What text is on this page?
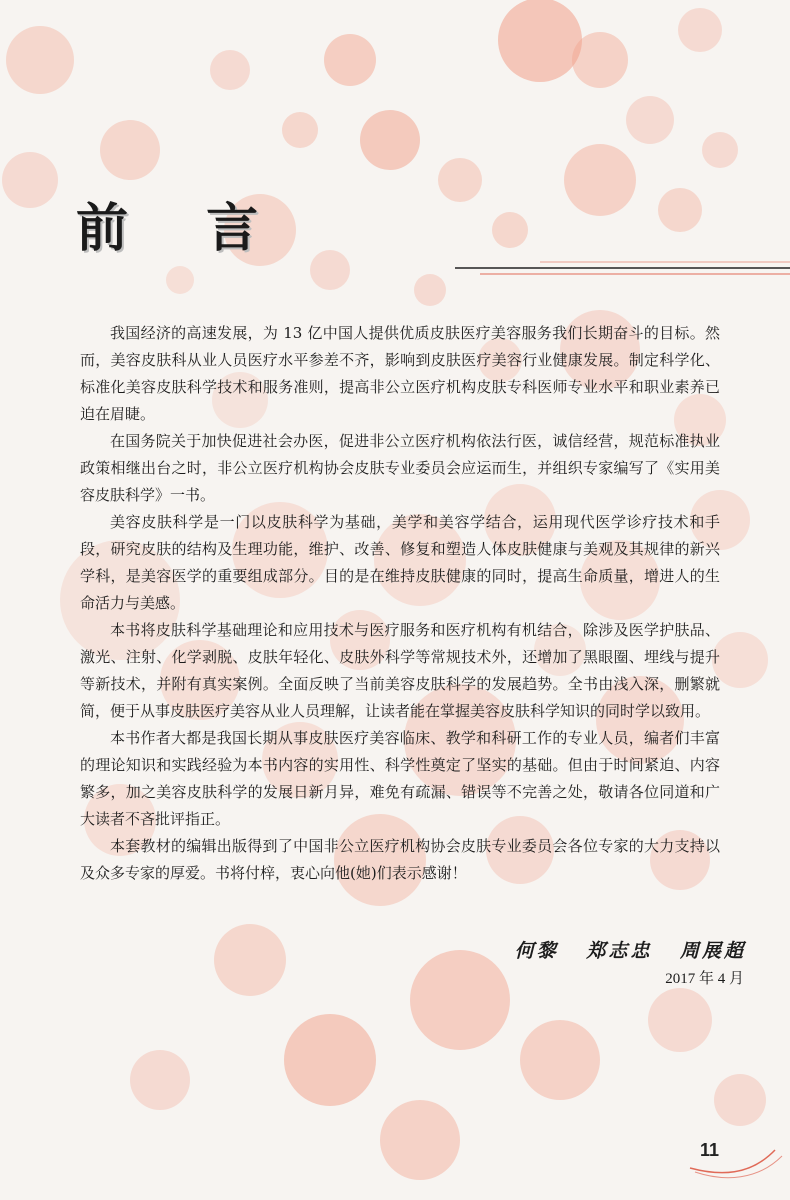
前 言

我国经济的高速发展，为 13 亿中国人提供优质皮肤医疗美容服务我们长期奋斗的目标。然而，美容皮肤科从业人员医疗水平参差不齐，影响到皮肤医疗美容行业健康发展。制定科学化、标准化美容皮肤科学技术和服务准则，提高非公立医疗机构皮肤专科医师专业水平和职业素养已迫在眉睫。

在国务院关于加快促进社会办医，促进非公立医疗机构依法行医，诚信经营，规范标准执业政策相继出台之时，非公立医疗机构协会皮肤专业委员会应运而生，并组织专家编写了《实用美容皮肤科学》一书。

美容皮肤科学是一门以皮肤科学为基础，美学和美容学结合，运用现代医学诊疗技术和手段，研究皮肤的结构及生理功能，维护、改善、修复和塑造人体皮肤健康与美观及其规律的新兴学科，是美容医学的重要组成部分。目的是在维持皮肤健康的同时，提高生命质量，增进人的生命活力与美感。

本书将皮肤科学基础理论和应用技术与医疗服务和医疗机构有机结合，除涉及医学护肤品、激光、注射、化学剥脱、皮肤年轻化、皮肤外科学等常规技术外，还增加了黑眼圈、埋线与提升等新技术，并附有真实案例。全面反映了当前美容皮肤科学的发展趋势。全书由浅入深，删繁就简，便于从事皮肤医疗美容从业人员理解，让读者能在掌握美容皮肤科学知识的同时学以致用。

本书作者大都是我国长期从事皮肤医疗美容临床、教学和科研工作的专业人员，编者们丰富的理论知识和实践经验为本书内容的实用性、科学性奠定了坚实的基础。但由于时间紧迫、内容繁多，加之美容皮肤科学的发展日新月异，难免有疏漏、错误等不完善之处，敬请各位同道和广大读者不吝批评指正。

本套教材的编辑出版得到了中国非公立医疗机构协会皮肤专业委员会各位专家的大力支持以及众多专家的厚爱。书将付梓，衷心向他(她)们表示感谢！

何黎 郑志忠 周展超
2017 年 4 月
11
